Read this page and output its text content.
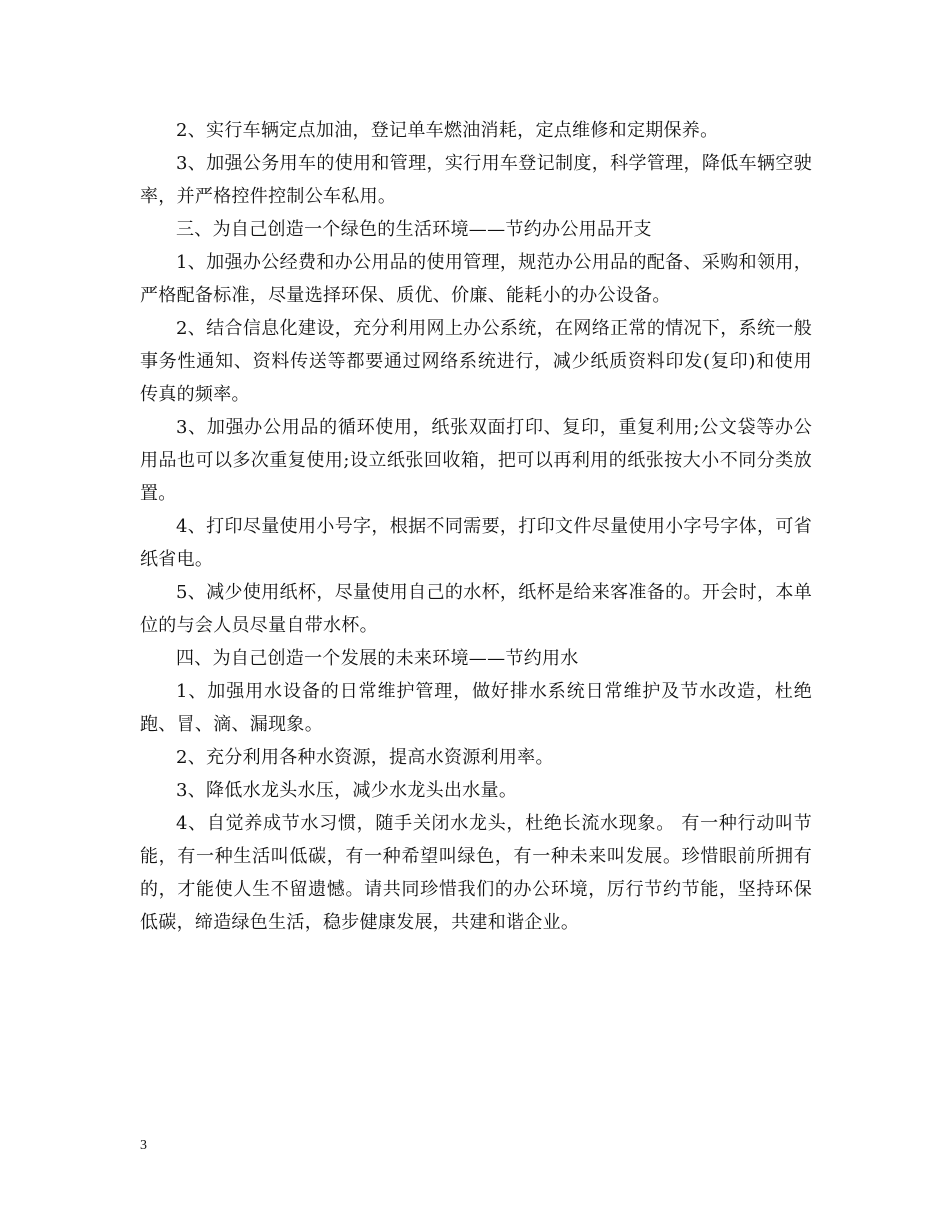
2、实行车辆定点加油，登记单车燃油消耗，定点维修和定期保养。

3、加强公务用车的使用和管理，实行用车登记制度，科学管理，降低车辆空驶率，并严格控件控制公车私用。

三、为自己创造一个绿色的生活环境——节约办公用品开支

1、加强办公经费和办公用品的使用管理，规范办公用品的配备、采购和领用，严格配备标准，尽量选择环保、质优、价廉、能耗小的办公设备。

2、结合信息化建设，充分利用网上办公系统，在网络正常的情况下，系统一般事务性通知、资料传送等都要通过网络系统进行，减少纸质资料印发(复印)和使用传真的频率。

3、加强办公用品的循环使用，纸张双面打印、复印，重复利用;公文袋等办公用品也可以多次重复使用;设立纸张回收箱，把可以再利用的纸张按大小不同分类放置。

4、打印尽量使用小号字，根据不同需要，打印文件尽量使用小字号字体，可省纸省电。

5、减少使用纸杯，尽量使用自己的水杯，纸杯是给来客准备的。开会时，本单位的与会人员尽量自带水杯。

四、为自己创造一个发展的未来环境——节约用水

1、加强用水设备的日常维护管理，做好排水系统日常维护及节水改造，杜绝跑、冒、滴、漏现象。

2、充分利用各种水资源，提高水资源利用率。

3、降低水龙头水压，减少水龙头出水量。

4、自觉养成节水习惯，随手关闭水龙头，杜绝长流水现象。 有一种行动叫节能，有一种生活叫低碳，有一种希望叫绿色，有一种未来叫发展。珍惜眼前所拥有的，才能使人生不留遗憾。请共同珍惜我们的办公环境，厉行节约节能，坚持环保低碳，缔造绿色生活，稳步健康发展，共建和谐企业。

3
